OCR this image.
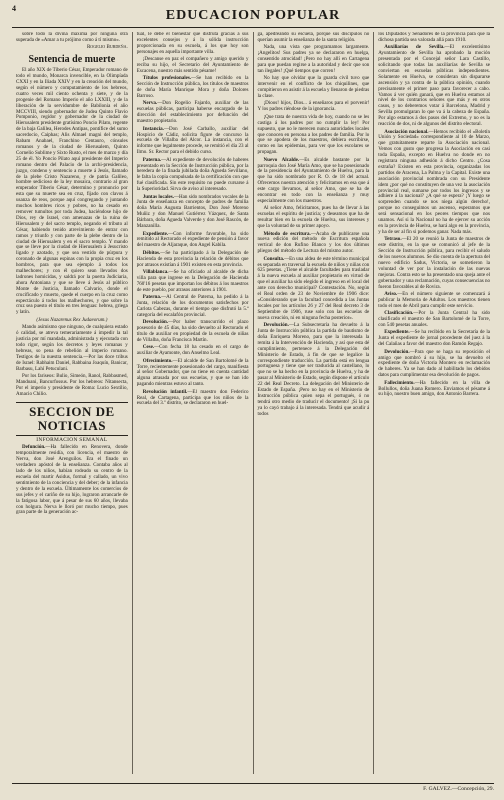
4	EDUCACION POPULAR

sobre todo la divina máxima por ninguna otra superada de «Amar a tu prójimo como á tí mismo».

Rogelio Burdeña.
Sentencia de muerte

El año XIX de Tiberio César, Emperador romano de todo el mundo, Monarca invencible, en la Olimpíada CXXI y en la Iliada XXIV y en la creación del mundo, según el número y computamiento de los hebreos, cuatro veces mil ciento ochenta y siete, y de la progenie del Romano Imperio el año LXXIII, y de la liberación de la servidumbre de Babilonia el año MCCVIII, siendo gobernador de Judea Quinto Flavio Pomponio, regidor y gobernador de la ciudad de Hierusalem presidente gratísimo Poncio Pilato, regente de la baja Galilea, Herodes Antipas, pontífice del sumo sacerdocio, Caiphas; Alis Almael magni del templo, Rabam Anabael, Franchino Centauro, cónsules romanos y de la ciudad de Hierusalem, Quinto Cornelio Sublime y Sixto Rusto, el mes de marzo y día 25 de él. Yo Poncio Pilato aquí presidente del Imperio romano dentro del Palacio de la archi-presidencia, juzgo, condeno y sentencio a muerte á Jesús, llamado de la plebe Cristo Nazareno, y de patria Galileo, hombre sedicioso de la ley mosaica, contrario al gran emperador Tiberio César, determino y pronuncio por esta que su muerte sea en cruz, fijado con clavos á usanza de reos, porque aquí congregando y juntando muchos hombres ricos y pobres, no ha cesado en remover tumultos por toda Judea, haciéndose hijo de Dios, rey de Israel, con amenazas de la ruina de Hierusalem y del sacro templo, negando el tributo al César, habiendo tenido atrevimiento de entrar con ramos y triunfo y con parte de la plebe dentro de la ciudad de Hierusalem y en el sacro templo. Y mando que se lleve por la ciudad de Hierusalem á Jesucristo ligado y azotado, y que sea vestido de púrpura y coronado de algunas espinas con la propia cruz en los hombros, para que sea ejemplo á todos los malhechores; y con él quiero sean llevados dos ladrones homicidas, y saldrá por la puerta Judiciaria, ahora Antoniana y que se lleve á Jesús al público Monte de Justicia, llamado Calvario, donde el crucificado y muerto, quede el cuerpo en la cruz como espectáculo á todos los malhechores, y que sobre la cruz sea puesto el título en tres lenguas: hebrea, griega y latín.

(Jesus Nazarenus Rex Judaeorum.)

Mando asímismo que ninguno, de cualquiera estado ó calidad, se atreva temerariamente á impedir la tal justicia por mí mandada, administrada y ejecutada con todo rigor, según los decretos y leyes romanas y hebreas, so pena de rebelión al imperio romano. Testigos de la nuestra sentencia.—Por las doce tribus de Israel: Rabhaim Daniel, Rabbaina Joaquín, Banicar, Barbasu, Lahí Petuculani.

Por los fariseos: Bulio, Simeón, Ranol, Rabbasmed, Mandoani, Bancurfossus. Por los hebreos: Nitansecta, Por el imperio y presidente de Roma: Lucio Sextilio, Amacio Chilio.

SECCION DE NOTICIAS
INFORMACION SEMANAL

Defunción.—Ha fallecido en Renovera, donde temporalmente residía, con licencia, el maestro de Nerva, don José Arenguilos. Era el finado un verdadero apóstol de la enseñanza. Contaba años al lado de los niños, habían rodeado su centro de la escuela del martir Asidus, formal y callado, un vivo sentimiento de la conciencia y del deber; de la infancia y dentro de la escuela. Últimamente los comercios de sus jefes y el cariño de su hijo, lograron arrancarle de la fatigosa labor, que á pesar de sus 60 años, llevaba con holgura. Nerva le lloró por mucho tiempo, pues gran parte de la generación ac-

tual, le debe el bienestar que disfruta gracias á sus excelentes consejos y á la sólida instrucción proporcionada en su escuela, á los que hoy son personajes en aquella importante villa.

¡Descanse en paz el compañero y amigo querido y reciba su hijo, el Secretario del Ayuntamiento de Escacena, nuestro más sentido pésame!

Títulos profesionales.—Se han recibido en la Sección de Instrucción pública, los títulos de maestros de doña María Manrique Mora y doña Dolores Barroso.

Nerva.—Don Rogelio Fajardo, auxiliar de las escuelas públicas, participa haberse encargado de la dirección del establecimiento por defunción del maestro propietario.

Instancia.—Don José Carballo, auxiliar del Hospicio de Cádiz, solicita figure de concurso la escuela de Villalba del Alcor. La instancia, con el informe que legalmente procede, se remitió el día 23 al Ilmo. Sr. Rector para el debido curso.

Paterna.—Al expediente de devolución de haberes presentado en la Sección de Instrucción pública, por la heredera de la finada jubilada doña Agueda Sevillano, le falta la copia compulsada de la certificación con que fué clasificada. Sin este requisito no puede cursarse á la Superioridad. Sirva de aviso al interesado.

Juntas locales.—Han sido nombrados vocales de la Junta de enseñanza en concepto de padres de familia doña María Augusta Barrientos, Don José Moreno Muñiz y don Manuel Gutiérrez Vázquez, de Santa Bárbara, doña Agueda Valverde y don José Rascón, de Manzanilla.

Expediente.—Con informe favorable, ha sido remitido al Rectorado el expediente de pensión á favor del maestro de Aljaraque, don Angel Kabila.

Débitos.—Se ha participado á la Delegación de Hacienda de esta provincia la relación de débitos que por atrasos existían á 1901 existen en esta provincia.

Villablanca.—Se ha oficiado al alcalde de dicha villa para que ingrese en la Delegación de Hacienda 760'16 pesetas que importan los débitos á los maestros de este pueblo, por atrasos anteriores á 1901.

Paterna.—Al Central de Paterna, ha pedido á la Junta, relación de los documentos satisfechos por Carlota Cabezas, durante el tiempo que disfrutó la 5.ª categoría del escalafón provincial.

Devolución.—Por haber transcurrido el plazo posesorio de 45 días, ha sido devuelto al Rectorado el título de auxiliar en propiedad de la escuela de niñas de Villalba, doña Francisca Martín.

Cese.—Con fecha 18 ha cesado en el cargo de auxiliar de Ayamonte, don Anselmo Leal.

Ofrecimiento.—El alcalde de San Bartolomé de la Torre, recientemente posesionado del cargo, manifiesta al señor Gobernador, que no tiene en cuenta cantidad alguna atrasada por sus escuelas, y que se han ido pagando mientras estuvo al tanto.

Revolución infantil.—El maestro don Federico Real, de Cartagena, participa que los niños de la escuela del 3.º distrito, se declararon en huel-

ga, apedreando su escuela, porque sus discípulos no querían asumir la enseñanza de la santa religión.

Nada, una vista que programamos largamente. ¡Angelitos! Sus padres ya se declararon en huelga, consentido atrocidad! ¡Pero no hay allí en Cartagena para que puedan regirse a la autoridad y decir que son tan ilegales! ¡Qué tiempos que corren!

No hay que olvidar que la guarda civil tuvo que intervenir en el conflicto de los chiquilines, que compitieron en asistir á la escuela y llenaron de piedras la clase.

¡Dioos! hijos, Dios... á enseñaros para el porvenir! Y los padres riéndose de la ignorancia.

¡Que trata de nuestra vida de hoy, cuando no se les castiga á los padres por no cumplir la ley! Por supuesto, que no le merecen nunca autoridades locales que conocen en persona a los padres de familia. Por lo que se apodera de los maestros, debiera escribirse, como en las epidemias, para ver que los escolares se propagan.

Nuevo Alcalde.—Es alcalde bastante por la parroquia don José María Amo, que se ha posesionado de la presidencia del Ayuntamiento de Huelva, para la que ha sido nombrado por R. O. de 18 del actual. Ofrecemos nuestra atención y felicitamos en esa que á este cargo llevamos, al señor Amo, que se ha de encontrar en todo con la enseñanza y muy especialmente con los maestros.

Al señor Amo, felicitamos, pues ha de llevar á las escuelas el espíritu de justicia; y deseamos que ha de resultar bien en la escuela de Huelva, sus intereses y que la voluntad de su primer apoyo.

Método de escritura.—Acaba de publicarse una nueva edición del método de Escritura española vertical de don Rufino Blanco y los dos últimos pliegos del método de Lectura del mismo autor.

Consulta.—En una aldea de este término municipal es separada en traversal la escuela de niños y niñas con 625 pesetas. ¿Tiene el alcalde facultades para trasladar á la nueva escuela al auxiliar propietario en virtud de que el auxiliar ha sido elegido el ingreso en el local del ante con derecho municipal? Contestación. No, según el Real orden de 23 de Noviembre de 1906 dice: «Considerando que la facultad concedida a las Juntas locales por los artículos 26 y 27 del Real decreto 3 de Septiembre de 1906, ruse solo con las escuelas de nueva creación, ni en ninguna fecha posterior».

Devolución.—La Subsecretaría ha devuelto á la Junta de Instrucción pública la partida de bautismo de doña Enriqueta Moreno, para que la interesada la remita á la Intervención de Hacienda, y así que esta dé cumplimiento, pertenece á la Delegación del Ministerio de Estado, á fin de que se legalice la correspondiente traducción. La partida está en lengua portuguesa y tiene que ser traducida al castellano, lo que no se ha hecho en la provincia de Huelva, y ha de pasar al Ministerio de Estado, según dispone el artículo 22 del Real Decreto. La delegación del Ministerio de Estado de España. ¡Pero no hay en el Ministerio de Instrucción pública quien sepa el portugués, ó no tendrá otro medio de traducir el documento! ¡Si la pu ya lo cayó trabajo á la interesada. Tendrá que acudir á todos

los Diputados y Senadores de la provincia para que la dichosa partida sea valorada allá para 1910.

Auxiliarías de Sevilla.—El excelentísimo Ayuntamiento de Sevilla ha aprobado la moción presentada por el Concejal señor Lara Castillo, solicitando que todas las auxiliarías de Sevilla se conviertan en escuelas públicas independientes. Solamente en Huelva, se consideran sin dispararse ascensión y ya contra de la pública opinión, cuando precisamente el primer paso para favorecer a cabo. Vamos á ver quién ganará, que en Huelva estamos al nivel de los contrarios señores que más y en otros casos, y no deberemos votar á Barcelona, Madrid y Sevilla promulgaran lo que va á la cabeza de España. Por algo estamos á dos pasos del Extremo, y no es la reacción de dos, ni de algunos del distrito electoral.

Asociación nacional.—Hemos recibido el «Boletín Unión y Sociedad» correspondiente al 10 de Marzo, que gratuitamente reparte la Asociación nacional. Vemos con gusto que progresa la Asociación en casi toda España, excepto en Huelva no donde en no registrara ninguna adhesión á dicho Centro. ¿Cosa extraña? Existen en esta provincia, organizadas los partidos de Aracena, La Palma y la Capital. Existe una asociación provincial nombrada con su Presidente idem ¿por qué no constituyen de una vez la asociación provincial real, sumarse por todos los ingresos y se adhiere á la nacional? ¿A qué se espera? ¡Y luego se sorprenden cuando se nos niega algún derecho!, porque no conseguimos un ascenso, esperamos que será sensacional en los peores tiempos que nos unamos. Así si la Nacional no ha de ejercer su acción en la provincia de Huelva, se hará algo en la provincia, y ha de ser al fin si podemos ganar. Nada más.

Tetraso.—El 20 se reunió la Junta de maestros de este distrito, en la que se comunicó al jefe de la Sección de Instrucción pública, para recibir el saludo de los nuevos alumnos. Se dio cuenta de la apertura del nuevo edificio Sadus, Victoria, se sometieron la voluntad de ver por la instalación de las nuevas mejoras. Contra esto se ha presentado una queja ante el gobernador y una reclamación, cuyas consecuencias no fueron favorables al de Rovira.

Aviso.—En el número siguiente se comenzará á publicar la Memoria de Adultos. Los maestros tienen todo el mes de Abril para cumplir este servicio.

Clasificación.—Por la Junta Central ha sido clasificado el maestro de San Bartolomé de la Torre, con 540 pesetas anuales.

Expediente.—Se ha recibido en la Secretaría de la Junta el expediente de jornal procedente del juez á la del Calañas a favor del maestro don Ramón Regajo.

Devolución.—Para que se haga su reposición el amigo que nombró á su hijo, se ha devuelto el expediente de doña Victoria Montero en reclamación de haberes. Ya se han dado al habilitado los debidos datos para cumplimentar esa devolución de pagos.

Fallecimiento.—Ha fallecido en la villa de Bollullos, doña Juana Romero. Enviamos el pésame á su hijo, nuestro buen amigo, don Antonio Barrera.

F. GALVEZ.—Concepción, 29.
